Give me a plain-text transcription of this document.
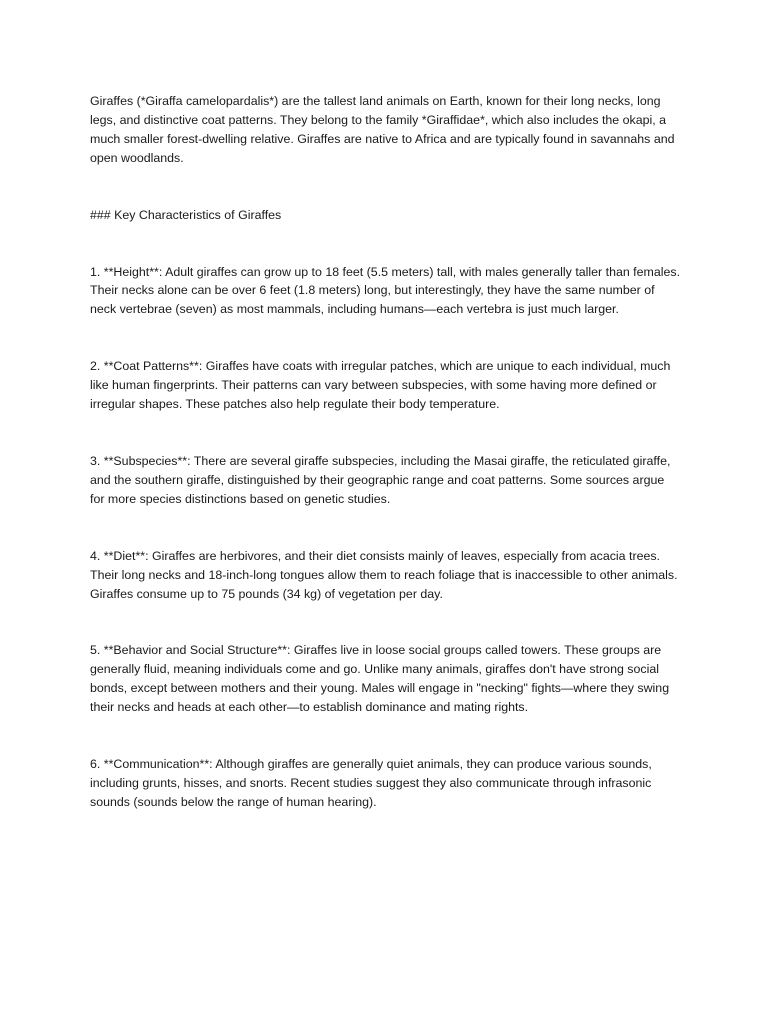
Giraffes (*Giraffa camelopardalis*) are the tallest land animals on Earth, known for their long necks, long legs, and distinctive coat patterns. They belong to the family *Giraffidae*, which also includes the okapi, a much smaller forest-dwelling relative. Giraffes are native to Africa and are typically found in savannahs and open woodlands.

### Key Characteristics of Giraffes

1. **Height**: Adult giraffes can grow up to 18 feet (5.5 meters) tall, with males generally taller than females. Their necks alone can be over 6 feet (1.8 meters) long, but interestingly, they have the same number of neck vertebrae (seven) as most mammals, including humans—each vertebra is just much larger.

2. **Coat Patterns**: Giraffes have coats with irregular patches, which are unique to each individual, much like human fingerprints. Their patterns can vary between subspecies, with some having more defined or irregular shapes. These patches also help regulate their body temperature.

3. **Subspecies**: There are several giraffe subspecies, including the Masai giraffe, the reticulated giraffe, and the southern giraffe, distinguished by their geographic range and coat patterns. Some sources argue for more species distinctions based on genetic studies.

4. **Diet**: Giraffes are herbivores, and their diet consists mainly of leaves, especially from acacia trees. Their long necks and 18-inch-long tongues allow them to reach foliage that is inaccessible to other animals. Giraffes consume up to 75 pounds (34 kg) of vegetation per day.

5. **Behavior and Social Structure**: Giraffes live in loose social groups called towers. These groups are generally fluid, meaning individuals come and go. Unlike many animals, giraffes don't have strong social bonds, except between mothers and their young. Males will engage in "necking" fights—where they swing their necks and heads at each other—to establish dominance and mating rights.

6. **Communication**: Although giraffes are generally quiet animals, they can produce various sounds, including grunts, hisses, and snorts. Recent studies suggest they also communicate through infrasonic sounds (sounds below the range of human hearing).
